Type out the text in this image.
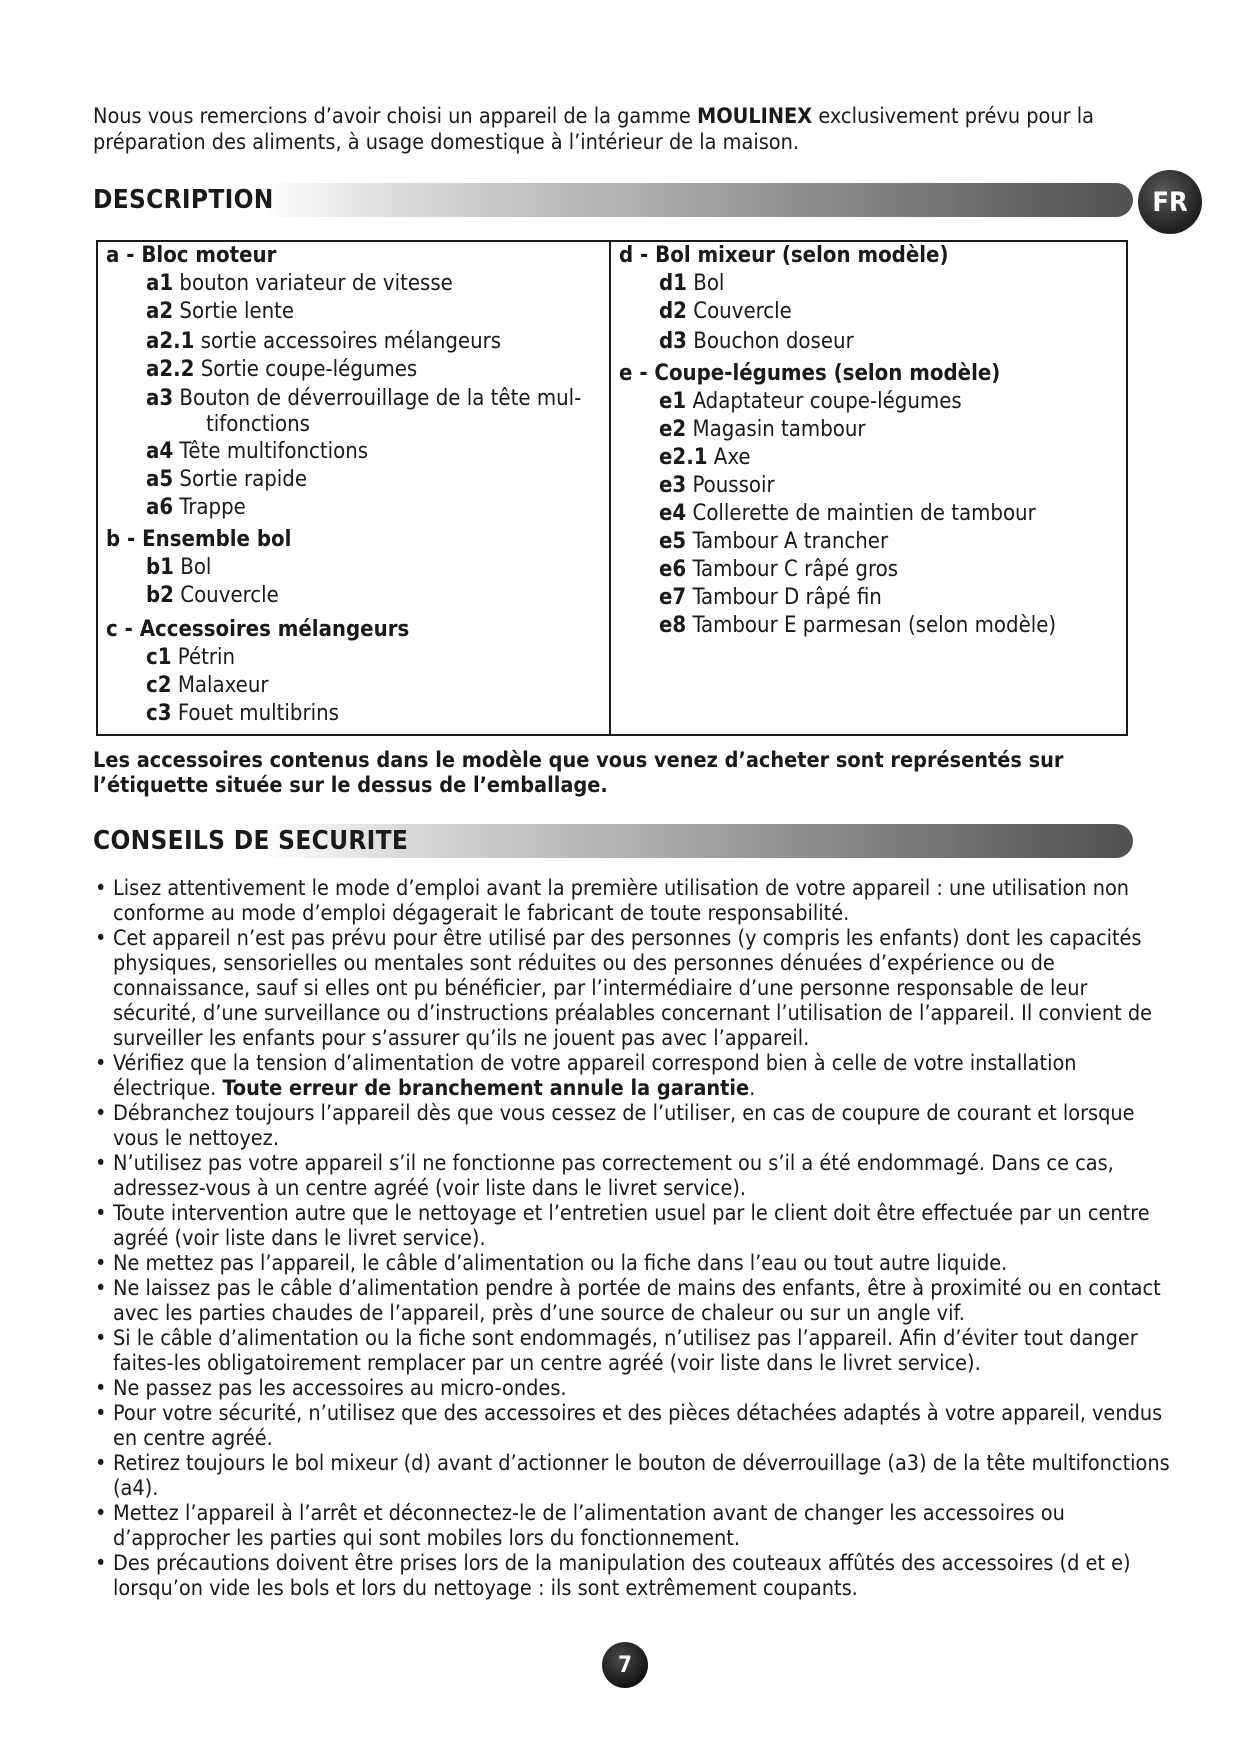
Nous vous remercions d’avoir choisi un appareil de la gamme MOULINEX exclusivement prévu pour la préparation des aliments, à usage domestique à l’intérieur de la maison.
DESCRIPTION	FR
a - Bloc moteur
a1 bouton variateur de vitesse
a2 Sortie lente
a2.1 sortie accessoires mélangeurs
a2.2 Sortie coupe-légumes
a3 Bouton de déverrouillage de la tête mul-
tifonctions
a4 Tête multifonctions
a5 Sortie rapide
a6 Trappe
b - Ensemble bol
b1 Bol
b2 Couvercle
c - Accessoires mélangeurs
c1 Pétrin
c2 Malaxeur
c3 Fouet multibrins
d - Bol mixeur (selon modèle)
d1 Bol
d2 Couvercle
d3 Bouchon doseur
e - Coupe-légumes (selon modèle)
e1 Adaptateur coupe-légumes
e2 Magasin tambour
e2.1 Axe
e3 Poussoir
e4 Collerette de maintien de tambour
e5 Tambour A trancher
e6 Tambour C râpé gros
e7 Tambour D râpé fin
e8 Tambour E parmesan (selon modèle)
Les accessoires contenus dans le modèle que vous venez d’acheter sont représentés sur l’étiquette située sur le dessus de l’emballage.
CONSEILS DE SECURITE
• Lisez attentivement le mode d’emploi avant la première utilisation de votre appareil : une utilisation non conforme au mode d’emploi dégagerait le fabricant de toute responsabilité.
• Cet appareil n’est pas prévu pour être utilisé par des personnes (y compris les enfants) dont les capacités physiques, sensorielles ou mentales sont réduites ou des personnes dénuées d’expérience ou de connaissance, sauf si elles ont pu bénéficier, par l’intermédiaire d’une personne responsable de leur sécurité, d’une surveillance ou d’instructions préalables concernant l’utilisation de l’appareil. Il convient de surveiller les enfants pour s’assurer qu’ils ne jouent pas avec l’appareil.
• Vérifiez que la tension d’alimentation de votre appareil correspond bien à celle de votre installation électrique. Toute erreur de branchement annule la garantie.
• Débranchez toujours l’appareil dès que vous cessez de l’utiliser, en cas de coupure de courant et lorsque vous le nettoyez.
• N’utilisez pas votre appareil s’il ne fonctionne pas correctement ou s’il a été endommagé. Dans ce cas, adressez-vous à un centre agréé (voir liste dans le livret service).
• Toute intervention autre que le nettoyage et l’entretien usuel par le client doit être effectuée par un centre agréé (voir liste dans le livret service).
• Ne mettez pas l’appareil, le câble d’alimentation ou la fiche dans l’eau ou tout autre liquide.
• Ne laissez pas le câble d’alimentation pendre à portée de mains des enfants, être à proximité ou en contact avec les parties chaudes de l’appareil, près d’une source de chaleur ou sur un angle vif.
• Si le câble d’alimentation ou la fiche sont endommagés, n’utilisez pas l’appareil. Afin d’éviter tout danger faites-les obligatoirement remplacer par un centre agréé (voir liste dans le livret service).
• Ne passez pas les accessoires au micro-ondes.
• Pour votre sécurité, n’utilisez que des accessoires et des pièces détachées adaptés à votre appareil, vendus en centre agréé.
• Retirez toujours le bol mixeur (d) avant d’actionner le bouton de déverrouillage (a3) de la tête multifonctions (a4).
• Mettez l’appareil à l’arrêt et déconnectez-le de l’alimentation avant de changer les accessoires ou d’approcher les parties qui sont mobiles lors du fonctionnement.
• Des précautions doivent être prises lors de la manipulation des couteaux affûtés des accessoires (d et e) lorsqu’on vide les bols et lors du nettoyage : ils sont extrêmement coupants.
7
